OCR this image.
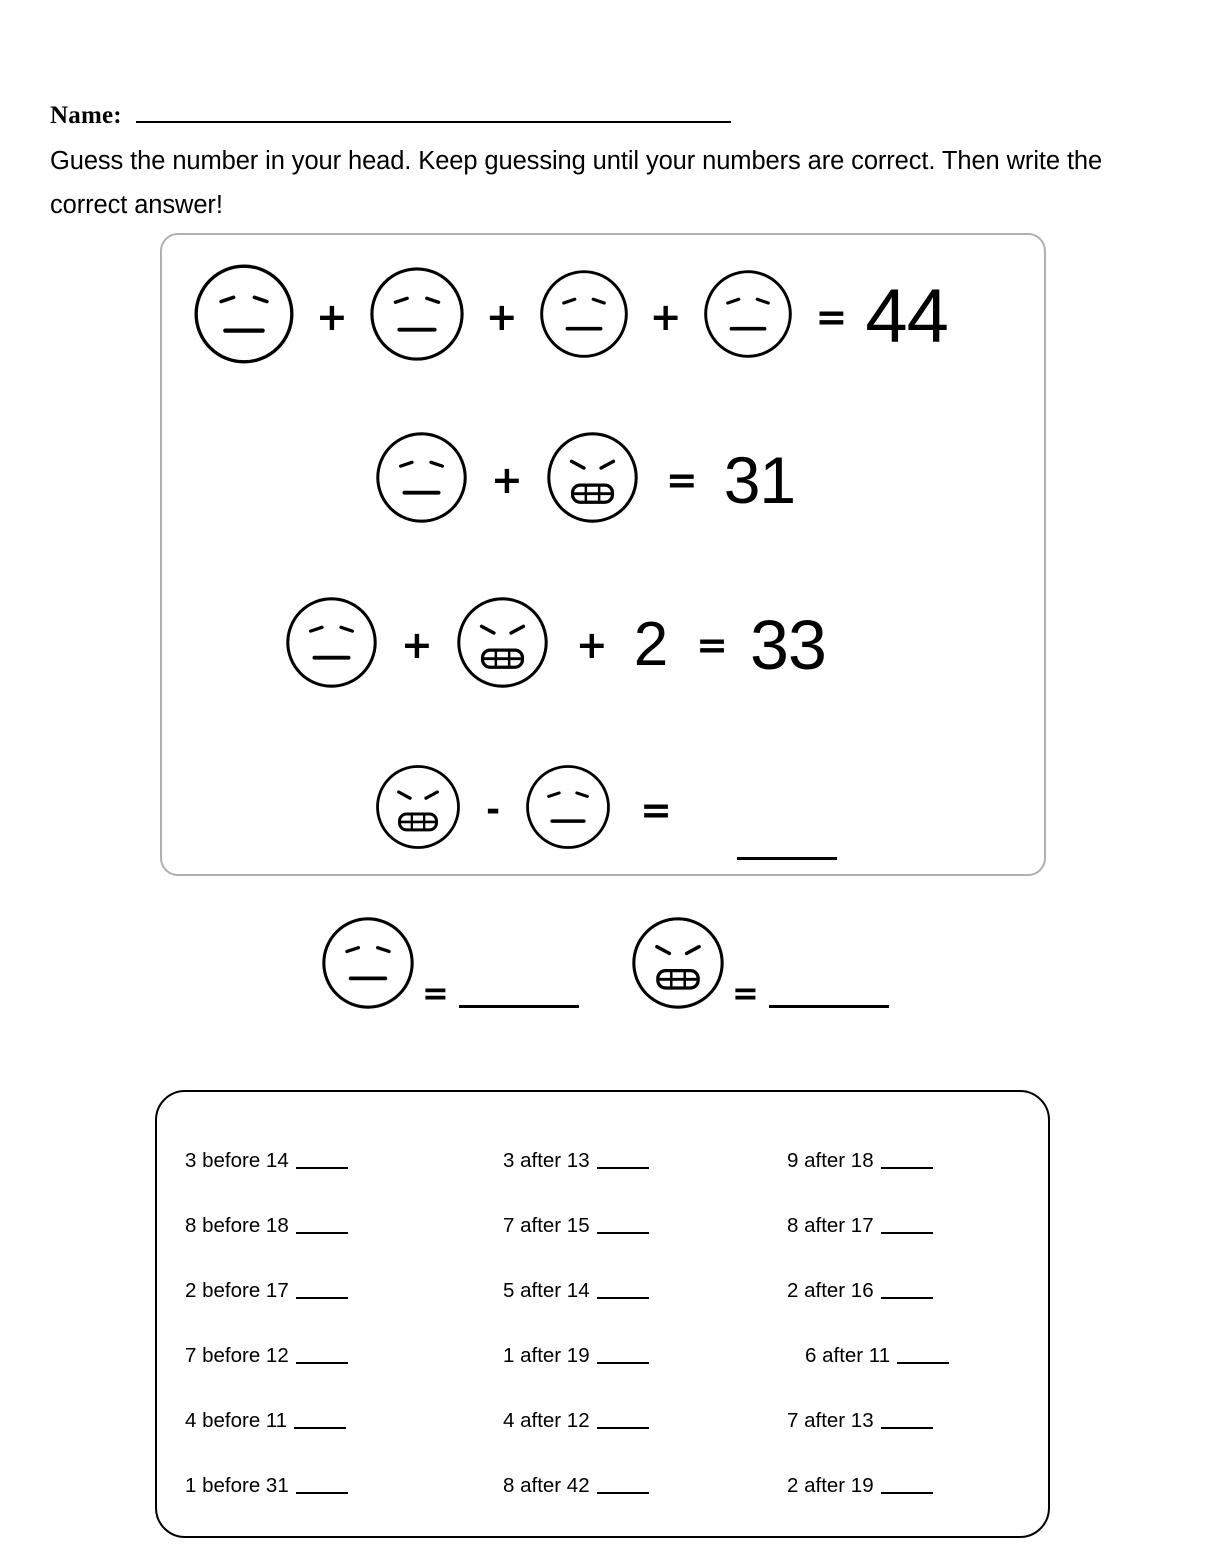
Name:
Guess the number in your head. Keep guessing until your numbers are correct. Then write the correct answer!
+	+	+	= 44
+	= 31
+	+ 2 = 33
-	=
=	=
3 before 14	3 after 13	9 after 18
8 before 18	7 after 15	8 after 17
2 before 17	5 after 14	2 after 16
7 before 12	1 after 19	6 after 11
4 before 11	4 after 12	7 after 13
1 before 31	8 after 42	2 after 19
